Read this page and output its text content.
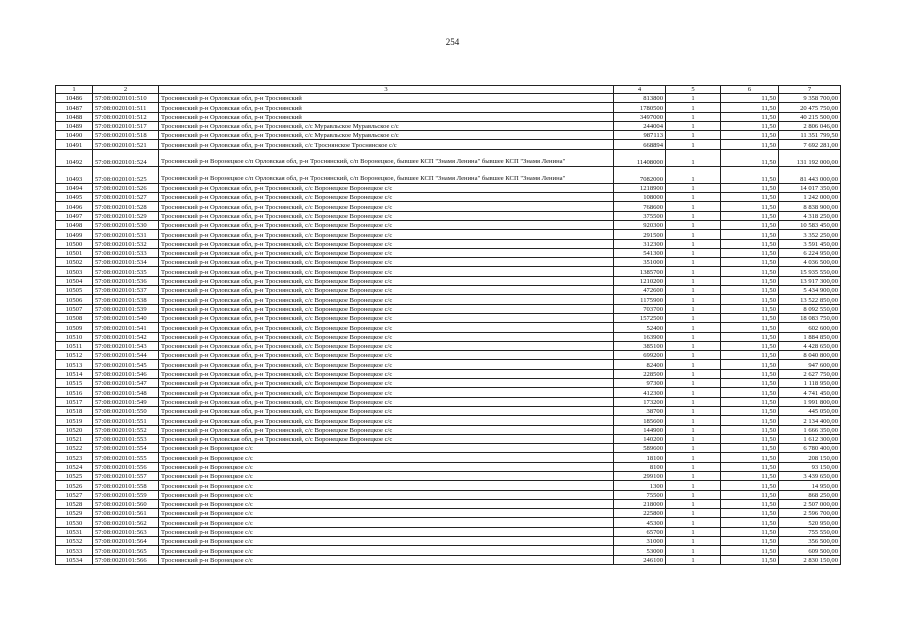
254
1	2	3	4	5	6	7
10486	57:08:0020101:510	Троснянский р-н Орловская обл, р-н Троснянский	813800	1	11,50	9 358 700,00
10487	57:08:0020101:511	Троснянский р-н Орловская обл, р-н Троснянский	1780500	1	11,50	20 475 750,00
10488	57:08:0020101:512	Троснянский р-н Орловская обл, р-н Троснянский	3497000	1	11,50	40 215 500,00
10489	57:08:0020101:517	Троснянский р-н Орловская обл, р-н Троснянский, с/с Муравльское Муравльское с/с	244004	1	11,50	2 806 046,00
10490	57:08:0020101:518	Троснянский р-н Орловская обл, р-н Троснянский, с/с Муравльское Муравльское с/с	987113	1	11,50	11 351 799,50
10491	57:08:0020101:521	Троснянский р-н Орловская обл, р-н Троснянский, с/с Троснянское Троснянское с/с	668894	1	11,50	7 692 281,00
10492	57:08:0020101:524	Троснянский р-н Воронецкое с/п Орловская обл, р-н Троснянский, с/п Воронецкое, бывшее КСП "Знамя Ленина" бывшее КСП "Знамя Ленина"	11408000	1	11,50	131 192 000,00
10493	57:08:0020101:525	Троснянский р-н Воронецкое с/п Орловская обл, р-н Троснянский, с/п Воронецкое, бывшее КСП "Знамя Ленина" бывшее КСП "Знамя Ленина"	7082000	1	11,50	81 443 000,00
10494	57:08:0020101:526	Троснянский р-н Орловская обл, р-н Троснянский, с/с Воронецкое Воронецкое с/с	1218900	1	11,50	14 017 350,00
10495	57:08:0020101:527	Троснянский р-н Орловская обл, р-н Троснянский, с/с Воронецкое Воронецкое с/с	108000	1	11,50	1 242 000,00
10496	57:08:0020101:528	Троснянский р-н Орловская обл, р-н Троснянский, с/с Воронецкое Воронецкое с/с	768600	1	11,50	8 838 900,00
10497	57:08:0020101:529	Троснянский р-н Орловская обл, р-н Троснянский, с/с Воронецкое Воронецкое с/с	375500	1	11,50	4 318 250,00
10498	57:08:0020101:530	Троснянский р-н Орловская обл, р-н Троснянский, с/с Воронецкое Воронецкое с/с	920300	1	11,50	10 583 450,00
10499	57:08:0020101:531	Троснянский р-н Орловская обл, р-н Троснянский, с/с Воронецкое Воронецкое с/с	291500	1	11,50	3 352 250,00
10500	57:08:0020101:532	Троснянский р-н Орловская обл, р-н Троснянский, с/с Воронецкое Воронецкое с/с	312300	1	11,50	3 591 450,00
10501	57:08:0020101:533	Троснянский р-н Орловская обл, р-н Троснянский, с/с Воронецкое Воронецкое с/с	541300	1	11,50	6 224 950,00
10502	57:08:0020101:534	Троснянский р-н Орловская обл, р-н Троснянский, с/с Воронецкое Воронецкое с/с	351000	1	11,50	4 036 500,00
10503	57:08:0020101:535	Троснянский р-н Орловская обл, р-н Троснянский, с/с Воронецкое Воронецкое с/с	1385700	1	11,50	15 935 550,00
10504	57:08:0020101:536	Троснянский р-н Орловская обл, р-н Троснянский, с/с Воронецкое Воронецкое с/с	1210200	1	11,50	13 917 300,00
10505	57:08:0020101:537	Троснянский р-н Орловская обл, р-н Троснянский, с/с Воронецкое Воронецкое с/с	472600	1	11,50	5 434 900,00
10506	57:08:0020101:538	Троснянский р-н Орловская обл, р-н Троснянский, с/с Воронецкое Воронецкое с/с	1175900	1	11,50	13 522 850,00
10507	57:08:0020101:539	Троснянский р-н Орловская обл, р-н Троснянский, с/с Воронецкое Воронецкое с/с	703700	1	11,50	8 092 550,00
10508	57:08:0020101:540	Троснянский р-н Орловская обл, р-н Троснянский, с/с Воронецкое Воронецкое с/с	1572500	1	11,50	18 083 750,00
10509	57:08:0020101:541	Троснянский р-н Орловская обл, р-н Троснянский, с/с Воронецкое Воронецкое с/с	52400	1	11,50	602 600,00
10510	57:08:0020101:542	Троснянский р-н Орловская обл, р-н Троснянский, с/с Воронецкое Воронецкое с/с	163900	1	11,50	1 884 850,00
10511	57:08:0020101:543	Троснянский р-н Орловская обл, р-н Троснянский, с/с Воронецкое Воронецкое с/с	385100	1	11,50	4 428 650,00
10512	57:08:0020101:544	Троснянский р-н Орловская обл, р-н Троснянский, с/с Воронецкое Воронецкое с/с	699200	1	11,50	8 040 800,00
10513	57:08:0020101:545	Троснянский р-н Орловская обл, р-н Троснянский, с/с Воронецкое Воронецкое с/с	82400	1	11,50	947 600,00
10514	57:08:0020101:546	Троснянский р-н Орловская обл, р-н Троснянский, с/с Воронецкое Воронецкое с/с	228500	1	11,50	2 627 750,00
10515	57:08:0020101:547	Троснянский р-н Орловская обл, р-н Троснянский, с/с Воронецкое Воронецкое с/с	97300	1	11,50	1 118 950,00
10516	57:08:0020101:548	Троснянский р-н Орловская обл, р-н Троснянский, с/с Воронецкое Воронецкое с/с	412300	1	11,50	4 741 450,00
10517	57:08:0020101:549	Троснянский р-н Орловская обл, р-н Троснянский, с/с Воронецкое Воронецкое с/с	173200	1	11,50	1 991 800,00
10518	57:08:0020101:550	Троснянский р-н Орловская обл, р-н Троснянский, с/с Воронецкое Воронецкое с/с	38700	1	11,50	445 050,00
10519	57:08:0020101:551	Троснянский р-н Орловская обл, р-н Троснянский, с/с Воронецкое Воронецкое с/с	185600	1	11,50	2 134 400,00
10520	57:08:0020101:552	Троснянский р-н Орловская обл, р-н Троснянский, с/с Воронецкое Воронецкое с/с	144900	1	11,50	1 666 350,00
10521	57:08:0020101:553	Троснянский р-н Орловская обл, р-н Троснянский, с/с Воронецкое Воронецкое с/с	140200	1	11,50	1 612 300,00
10522	57:08:0020101:554	Троснянский р-н Воронецкое с/с	589600	1	11,50	6 780 400,00
10523	57:08:0020101:555	Троснянский р-н Воронецкое с/с	18100	1	11,50	208 150,00
10524	57:08:0020101:556	Троснянский р-н Воронецкое с/с	8100	1	11,50	93 150,00
10525	57:08:0020101:557	Троснянский р-н Воронецкое с/с	299100	1	11,50	3 439 650,00
10526	57:08:0020101:558	Троснянский р-н Воронецкое с/с	1300	1	11,50	14 950,00
10527	57:08:0020101:559	Троснянский р-н Воронецкое с/с	75500	1	11,50	868 250,00
10528	57:08:0020101:560	Троснянский р-н Воронецкое с/с	218000	1	11,50	2 507 000,00
10529	57:08:0020101:561	Троснянский р-н Воронецкое с/с	225800	1	11,50	2 596 700,00
10530	57:08:0020101:562	Троснянский р-н Воронецкое с/с	45300	1	11,50	520 950,00
10531	57:08:0020101:563	Троснянский р-н Воронецкое с/с	65700	1	11,50	755 550,00
10532	57:08:0020101:564	Троснянский р-н Воронецкое с/с	31000	1	11,50	356 500,00
10533	57:08:0020101:565	Троснянский р-н Воронецкое с/с	53000	1	11,50	609 500,00
10534	57:08:0020101:566	Троснянский р-н Воронецкое с/с	246100	1	11,50	2 830 150,00
